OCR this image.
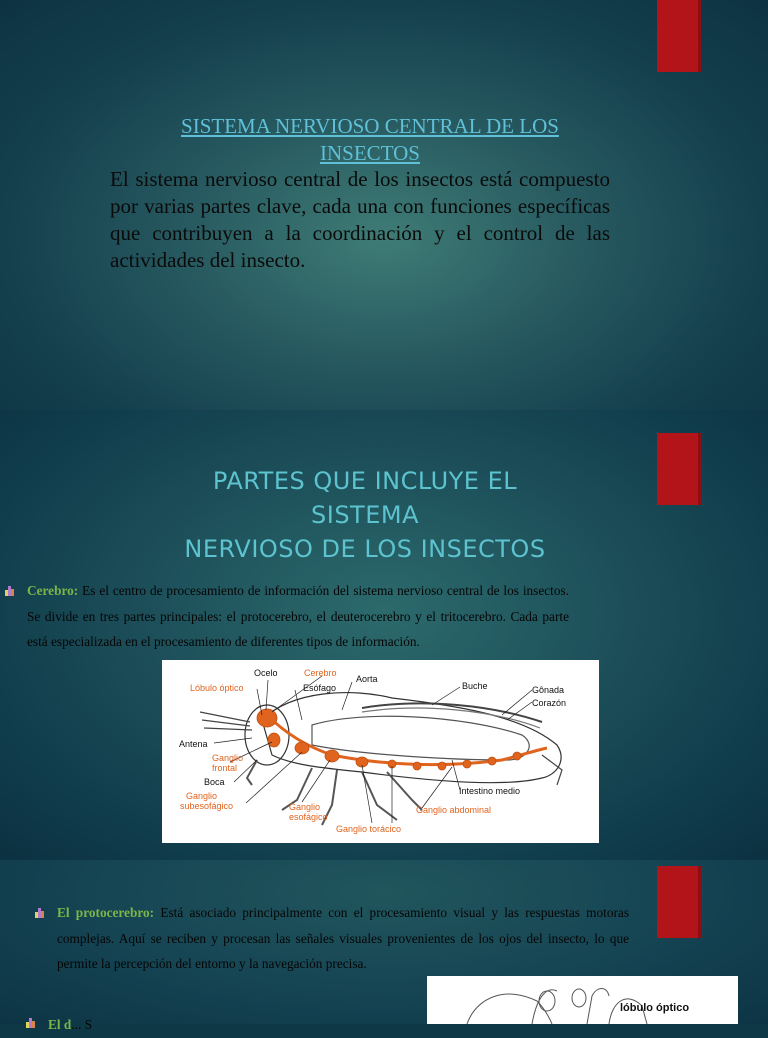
SISTEMA NERVIOSO CENTRAL DE LOS
INSECTOS
El sistema nervioso central de los insectos está compuesto por varias partes clave, cada una con funciones específicas que contribuyen a la coordinación y el control de las actividades del insecto.
PARTES QUE INCLUYE EL
SISTEMA
NERVIOSO DE LOS INSECTOS
Cerebro: Es el centro de procesamiento de información del sistema nervioso central de los insectos. Se divide en tres partes principales: el protocerebro, el deuterocerebro y el tritocerebro. Cada parte está especializada en el procesamiento de diferentes tipos de información.
Ocelo	Cerebro
Aorta
Lóbulo óptico	Esófago	Buche	Gônada
Corazón
Antena
Ganglio
frontal
Boca
Ganglio
subesofágico	Ganglio
esofágico
Ganglio torácico
Ganglio abdominal
Intestino medio
El protocerebro: Está asociado principalmente con el procesamiento visual y las respuestas motoras complejas. Aquí se reciben y procesan las señales visuales provenientes de los ojos del insecto, lo que permite la percepción del entorno y la navegación precisa.
El d... S
lóbulo óptico
